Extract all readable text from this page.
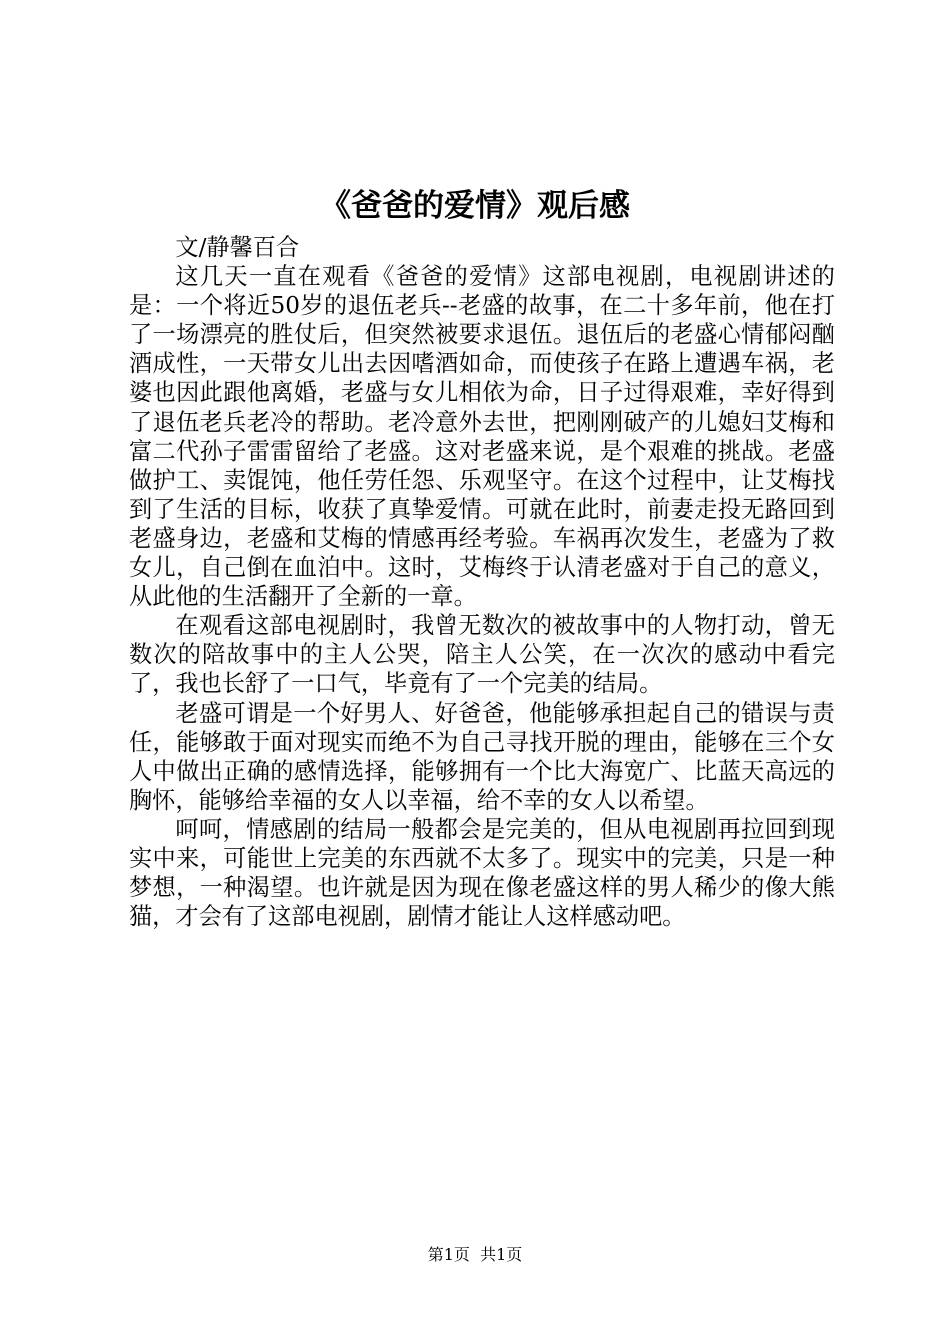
《爸爸的爱情》观后感

文/静馨百合

这几天一直在观看《爸爸的爱情》这部电视剧，电视剧讲述的是：一个将近50岁的退伍老兵--老盛的故事，在二十多年前，他在打了一场漂亮的胜仗后，但突然被要求退伍。退伍后的老盛心情郁闷酗酒成性，一天带女儿出去因嗜酒如命，而使孩子在路上遭遇车祸，老婆也因此跟他离婚，老盛与女儿相依为命，日子过得艰难，幸好得到了退伍老兵老冷的帮助。老冷意外去世，把刚刚破产的儿媳妇艾梅和富二代孙子雷雷留给了老盛。这对老盛来说，是个艰难的挑战。老盛做护工、卖馄饨，他任劳任怨、乐观坚守。在这个过程中，让艾梅找到了生活的目标，收获了真挚爱情。可就在此时，前妻走投无路回到老盛身边，老盛和艾梅的情感再经考验。车祸再次发生，老盛为了救女儿，自己倒在血泊中。这时，艾梅终于认清老盛对于自己的意义，从此他的生活翻开了全新的一章。

在观看这部电视剧时，我曾无数次的被故事中的人物打动，曾无数次的陪故事中的主人公哭，陪主人公笑，在一次次的感动中看完了，我也长舒了一口气，毕竟有了一个完美的结局。

老盛可谓是一个好男人、好爸爸，他能够承担起自己的错误与责任，能够敢于面对现实而绝不为自己寻找开脱的理由，能够在三个女人中做出正确的感情选择，能够拥有一个比大海宽广、比蓝天高远的胸怀，能够给幸福的女人以幸福，给不幸的女人以希望。

呵呵，情感剧的结局一般都会是完美的，但从电视剧再拉回到现实中来，可能世上完美的东西就不太多了。现实中的完美，只是一种梦想，一种渴望。也许就是因为现在像老盛这样的男人稀少的像大熊猫，才会有了这部电视剧，剧情才能让人这样感动吧。

第1页  共1页
